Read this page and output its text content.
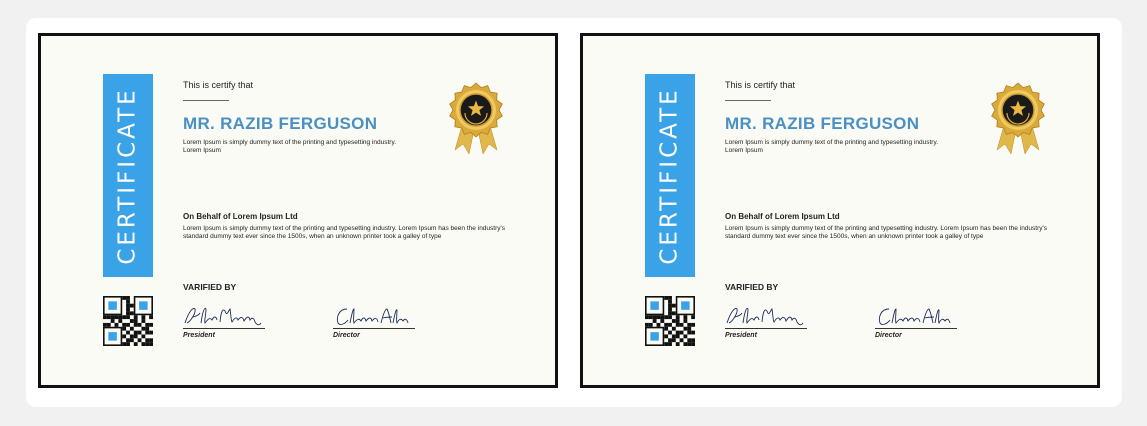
CERTIFICATE
This is certify that
MR. RAZIB FERGUSON
Lorem Ipsum is simply dummy text of the printing and typesetting industry. Lorem Ipsum
On Behalf of Lorem Ipsum Ltd
Lorem Ipsum is simply dummy text of the printing and typesetting industry. Lorem Ipsum has been the industry's standard dummy text ever since the 1500s, when an unknown printer took a galley of type
VARIFIED BY
President	Director
CERTIFICATE
This is certify that
MR. RAZIB FERGUSON
Lorem Ipsum is simply dummy text of the printing and typesetting industry. Lorem Ipsum
On Behalf of Lorem Ipsum Ltd
Lorem Ipsum is simply dummy text of the printing and typesetting industry. Lorem Ipsum has been the industry's standard dummy text ever since the 1500s, when an unknown printer took a galley of type
VARIFIED BY
President	Director
